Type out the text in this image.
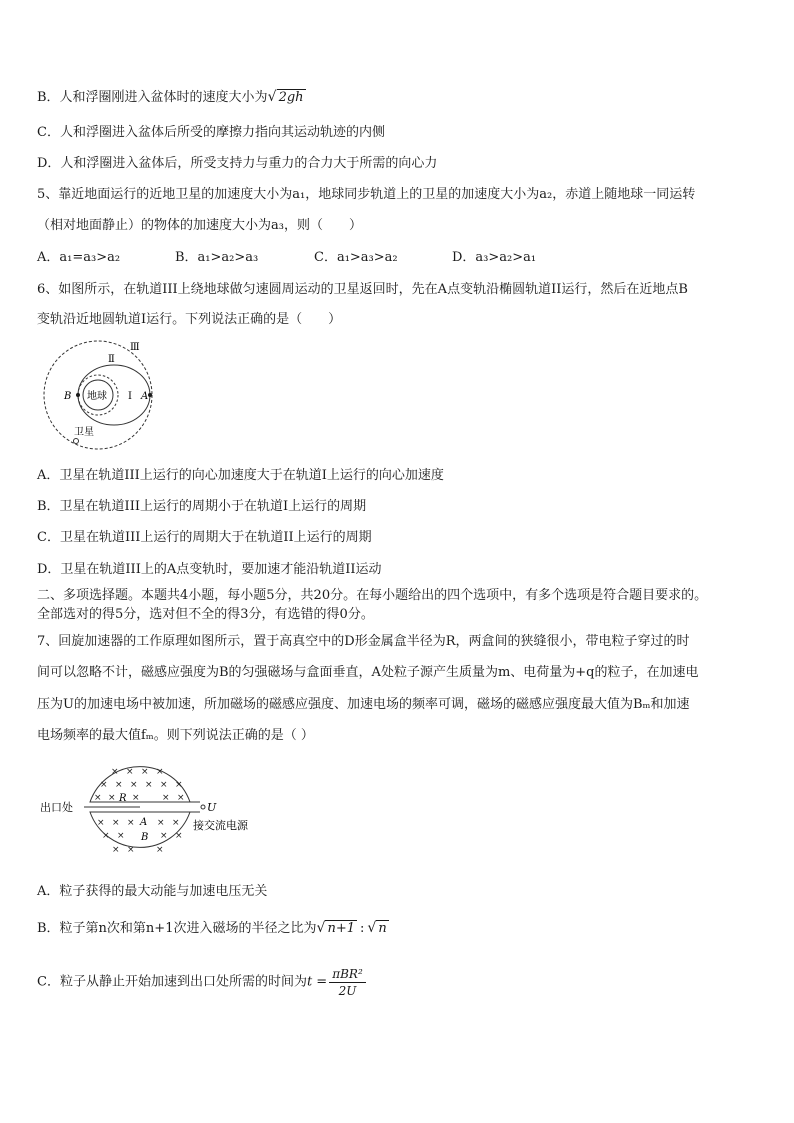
B．人和浮圈刚进入盆体时的速度大小为 √ 2gh
C．人和浮圈进入盆体后所受的摩擦力指向其运动轨迹的内侧
D．人和浮圈进入盆体后，所受支持力与重力的合力大于所需的向心力
5、靠近地面运行的近地卫星的加速度大小为a₁，地球同步轨道上的卫星的加速度大小为a₂，赤道上随地球一同运转
（相对地面静止）的物体的加速度大小为a₃，则（　　）
A．a₁=a₃>a₂	B．a₁>a₂>a₃	C．a₁>a₃>a₂	D．a₃>a₂>a₁
6、如图所示，在轨道III上绕地球做匀速圆周运动的卫星返回时，先在A点变轨沿椭圆轨道II运行，然后在近地点B
变轨沿近地圆轨道I运行。下列说法正确的是（　　）
Ⅲ
Ⅱ
I A
B 地球
卫星
A．卫星在轨道III上运行的向心加速度大于在轨道I上运行的向心加速度
B．卫星在轨道III上运行的周期小于在轨道I上运行的周期
C．卫星在轨道III上运行的周期大于在轨道II上运行的周期
D．卫星在轨道III上的A点变轨时，要加速才能沿轨道II运动
二、多项选择题。本题共4小题，每小题5分，共20分。在每小题给出的四个选项中，有多个选项是符合题目要求的。
全部选对的得5分，选对但不全的得3分，有选错的得0分。
7、回旋加速器的工作原理如图所示，置于高真空中的D形金属盒半径为R，两盒间的狭缝很小，带电粒子穿过的时
间可以忽略不计，磁感应强度为B的匀强磁场与盒面垂直，A处粒子源产生质量为m、电荷量为+q的粒子，在加速电
压为U的加速电场中被加速，所加磁场的磁感应强度、加速电场的频率可调，磁场的磁感应强度最大值为Bₘ和加速
电场频率的最大值fₘ。则下列说法正确的是（ ）
× × × ×
× × × × × ×
× × × × ×
× × × × ×
× ×	× ×
× × ×
R
A
B
U
出口处
接交流电源
A．粒子获得的最大动能与加速电压无关
B．粒子第n次和第n+1次进入磁场的半径之比为 √ n+1 : √ n
C．粒子从静止开始加速到出口处所需的时间为$t = \frac{\text{πBR²}}{2U}$
